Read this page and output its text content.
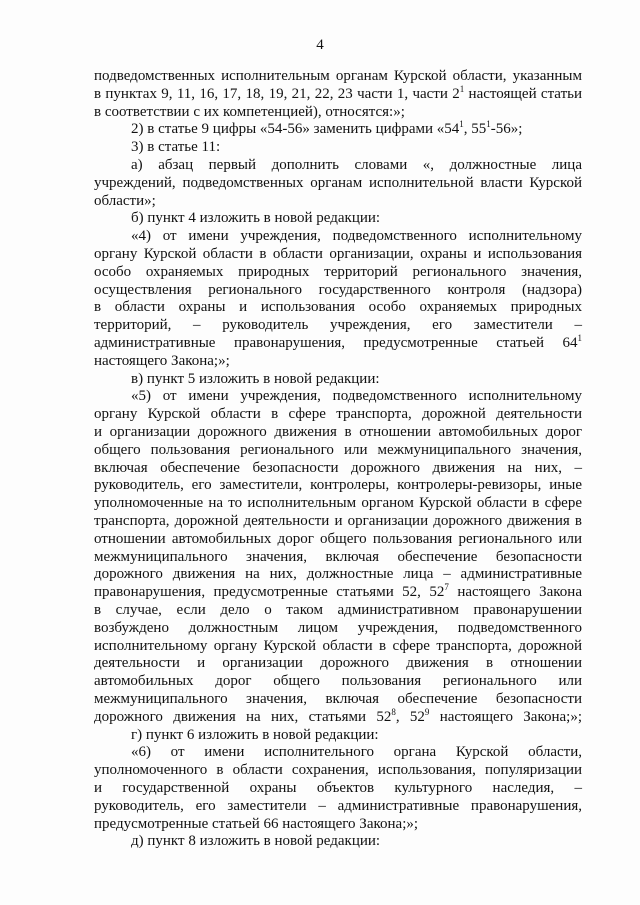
4
подведомственных исполнительным органам Курской области, указанным
в пунктах 9, 11, 16, 17, 18, 19, 21, 22, 23 части 1, части $2^1$ настоящей статьи
в соответствии с их компетенцией), относятся:»;
2) в статье 9 цифры «54-56» заменить цифрами «$54^1$, $55^1-56$»;
3) в статье 11:
а) абзац первый дополнить словами «, должностные лица
учреждений, подведомственных органам исполнительной власти Курской
области»;
б) пункт 4 изложить в новой редакции:
«4) от имени учреждения, подведомственного исполнительному
органу Курской области в области организации, охраны и использования
особо охраняемых природных территорий регионального значения,
осуществления регионального государственного контроля (надзора)
в области охраны и использования особо охраняемых природных
территорий, – руководитель учреждения, его заместители –
административные правонарушения, предусмотренные статьей $64^1$
настоящего Закона;»;
в) пункт 5 изложить в новой редакции:
«5) от имени учреждения, подведомственного исполнительному
органу Курской области в сфере транспорта, дорожной деятельности
и организации дорожного движения в отношении автомобильных дорог
общего пользования регионального или межмуниципального значения,
включая обеспечение безопасности дорожного движения на них, –
руководитель, его заместители, контролеры, контролеры-ревизоры, иные
уполномоченные на то исполнительным органом Курской области в сфере
транспорта, дорожной деятельности и организации дорожного движения в
отношении автомобильных дорог общего пользования регионального или
межмуниципального значения, включая обеспечение безопасности
дорожного движения на них, должностные лица – административные
правонарушения, предусмотренные статьями 52, $52^7$ настоящего Закона
в случае, если дело о таком административном правонарушении
возбуждено должностным лицом учреждения, подведомственного
исполнительному органу Курской области в сфере транспорта, дорожной
деятельности и организации дорожного движения в отношении
автомобильных дорог общего пользования регионального или
межмуниципального значения, включая обеспечение безопасности
дорожного движения на них, статьями $52^8$, $52^9$ настоящего Закона;»;
г) пункт 6 изложить в новой редакции:
«6) от имени исполнительного органа Курской области,
уполномоченного в области сохранения, использования, популяризации
и государственной охраны объектов культурного наследия, –
руководитель, его заместители – административные правонарушения,
предусмотренные статьей 66 настоящего Закона;»;
д) пункт 8 изложить в новой редакции:
